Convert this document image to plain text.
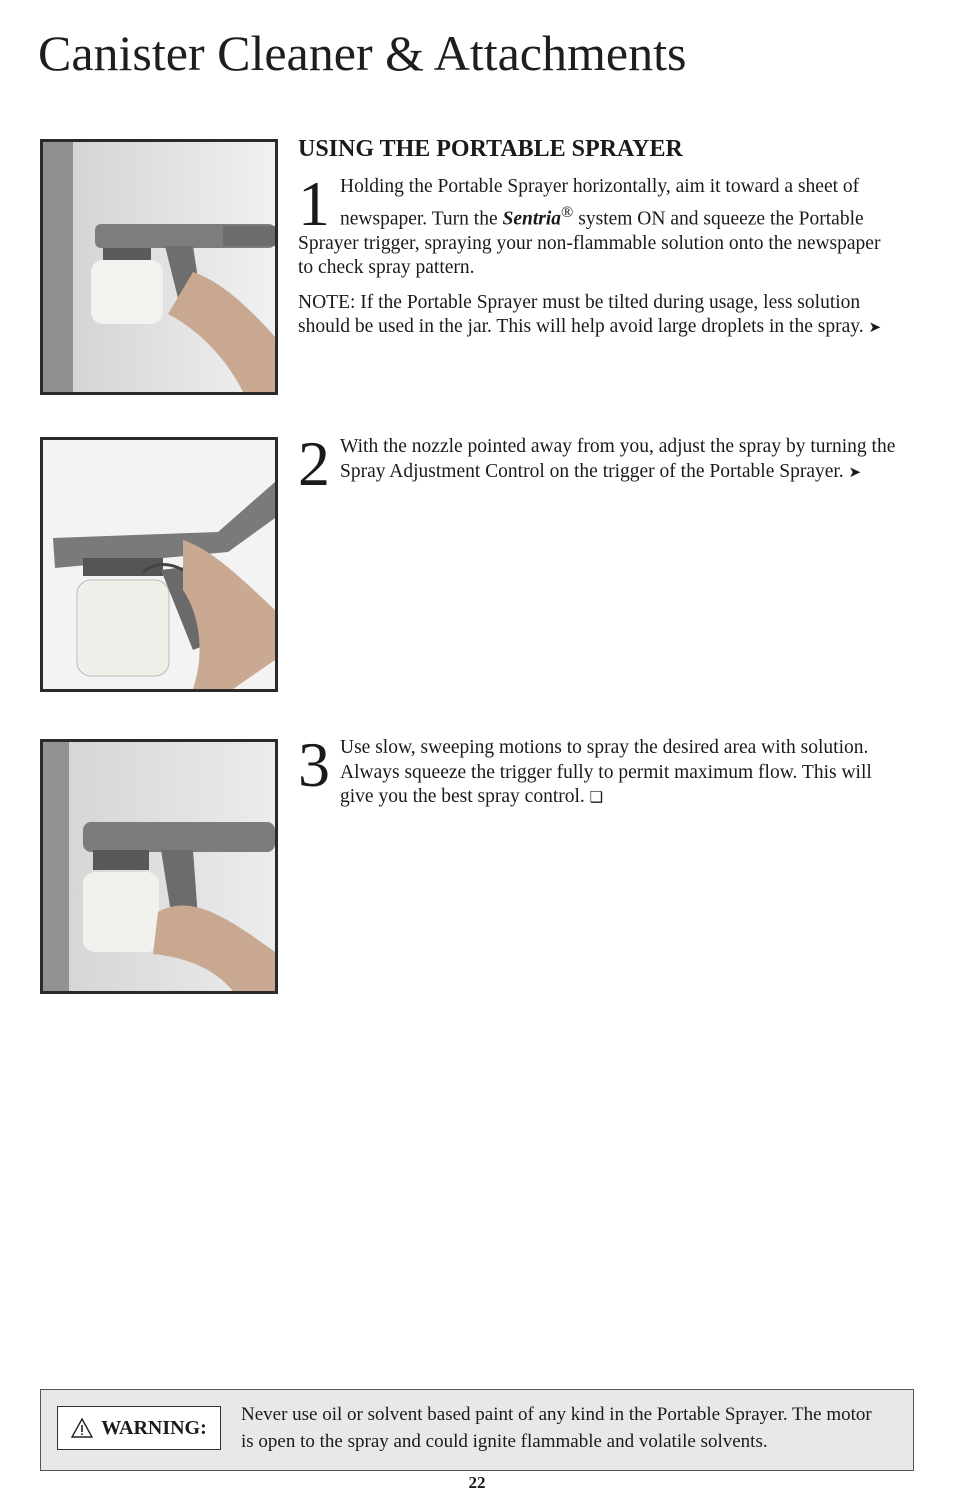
Canister Cleaner & Attachments
USING THE PORTABLE SPRAYER

1 Holding the Portable Sprayer horizontally, aim it toward a sheet of newspaper. Turn the Sentria® system ON and squeeze the Portable Sprayer trigger, spraying your non-flammable solution onto the newspaper to check spray pattern.

NOTE: If the Portable Sprayer must be tilted during usage, less solution should be used in the jar. This will help avoid large droplets in the spray. ➤

2 With the nozzle pointed away from you, adjust the spray by turning the Spray Adjustment Control on the trigger of the Portable Sprayer. ➤

3 Use slow, sweeping motions to spray the desired area with solution. Always squeeze the trigger fully to permit maximum flow. This will give you the best spray control. ❑

WARNING:
Never use oil or solvent based paint of any kind in the Portable Sprayer. The motor is open to the spray and could ignite flammable and volatile solvents.
22
